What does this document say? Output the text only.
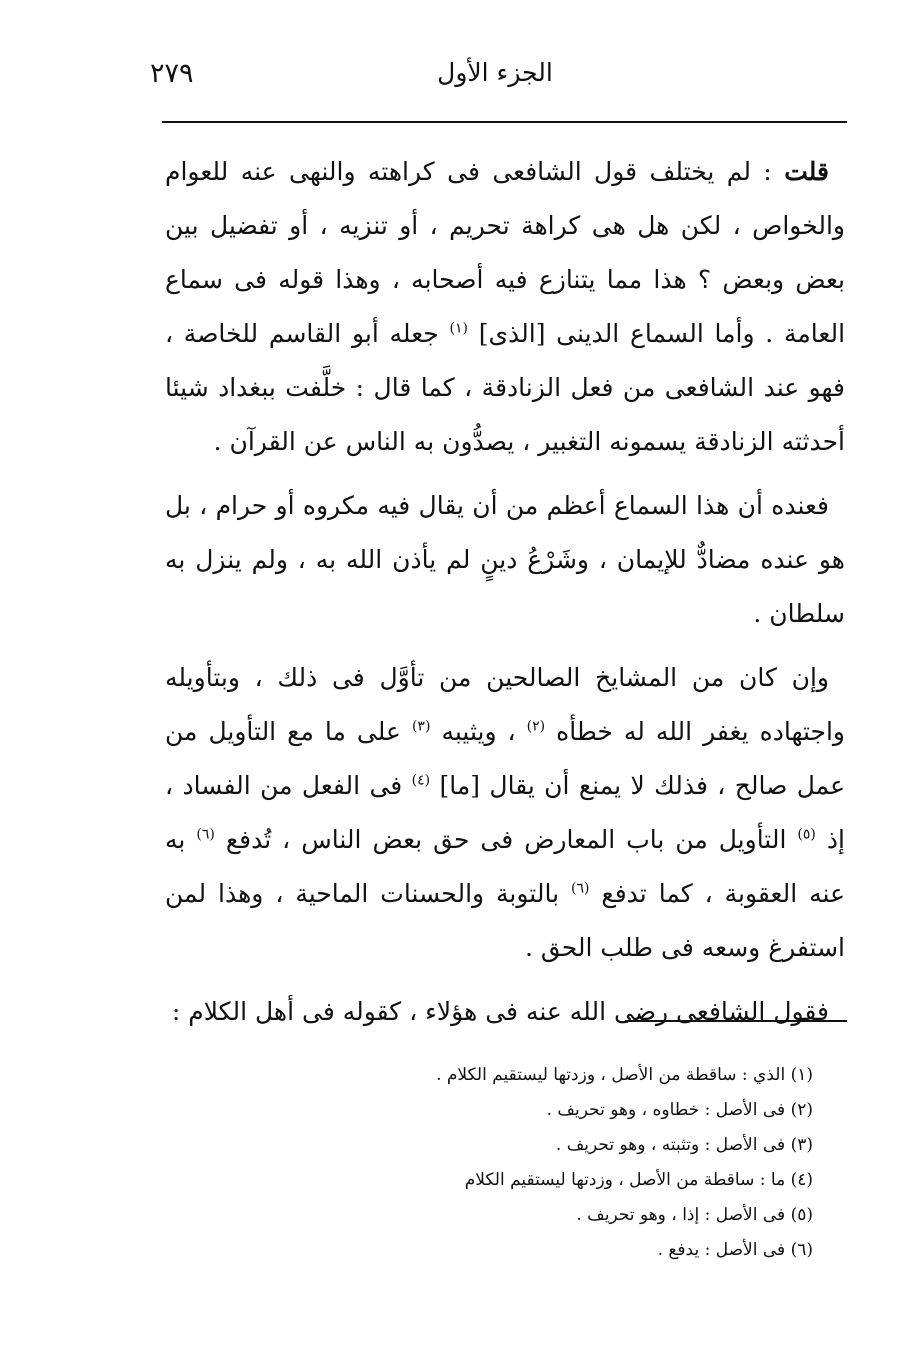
٢٧٩	الجزء الأول

قلت : لم يختلف قول الشافعى فى كراهته والنهى عنه للعوام والخواص ، لكن هل هى كراهة تحريم ، أو تنزيه ، أو تفضيل بين بعض وبعض ؟ هذا مما يتنازع فيه أصحابه ، وهذا قوله فى سماع العامة . وأما السماع الدينى [الذى] $^{(١)}$ جعله أبو القاسم للخاصة ، فهو عند الشافعى من فعل الزنادقة ، كما قال : خلَّفت ببغداد شيئا أحدثته الزنادقة يسمونه التغبير ، يصدُّون به الناس عن القرآن .

فعنده أن هذا السماع أعظم من أن يقال فيه مكروه أو حرام ، بل هو عنده مضادٌّ للإيمان ، وشَرْعُ دينٍ لم يأذن الله به ، ولم ينزل به سلطان .

وإن كان من المشايخ الصالحين من تأوَّل فى ذلك ، وبتأويله واجتهاده يغفر الله له خطأه $^{(٢)}$ ، ويثيبه $^{(٣)}$ على ما مع التأويل من عمل صالح ، فذلك لا يمنع أن يقال [ما] $^{(٤)}$ فى الفعل من الفساد ، إذ $^{(٥)}$ التأويل من باب المعارض فى حق بعض الناس ، تُدفع $^{(٦)}$ به عنه العقوبة ، كما تدفع $^{(٦)}$ بالتوبة والحسنات الماحية ، وهذا لمن استفرغ وسعه فى طلب الحق .

فقول الشافعى رضى الله عنه فى هؤلاء ، كقوله فى أهل الكلام :

(١) الذي : ساقطة من الأصل ، وزدتها ليستقيم الكلام .

(٢) فى الأصل : خطاوه ، وهو تحريف .

(٣) فى الأصل : وتثبته ، وهو تحريف .

(٤) ما : ساقطة من الأصل ، وزدتها ليستقيم الكلام

(٥) فى الأصل : إذا ، وهو تحريف .

(٦) فى الأصل : يدفع .
